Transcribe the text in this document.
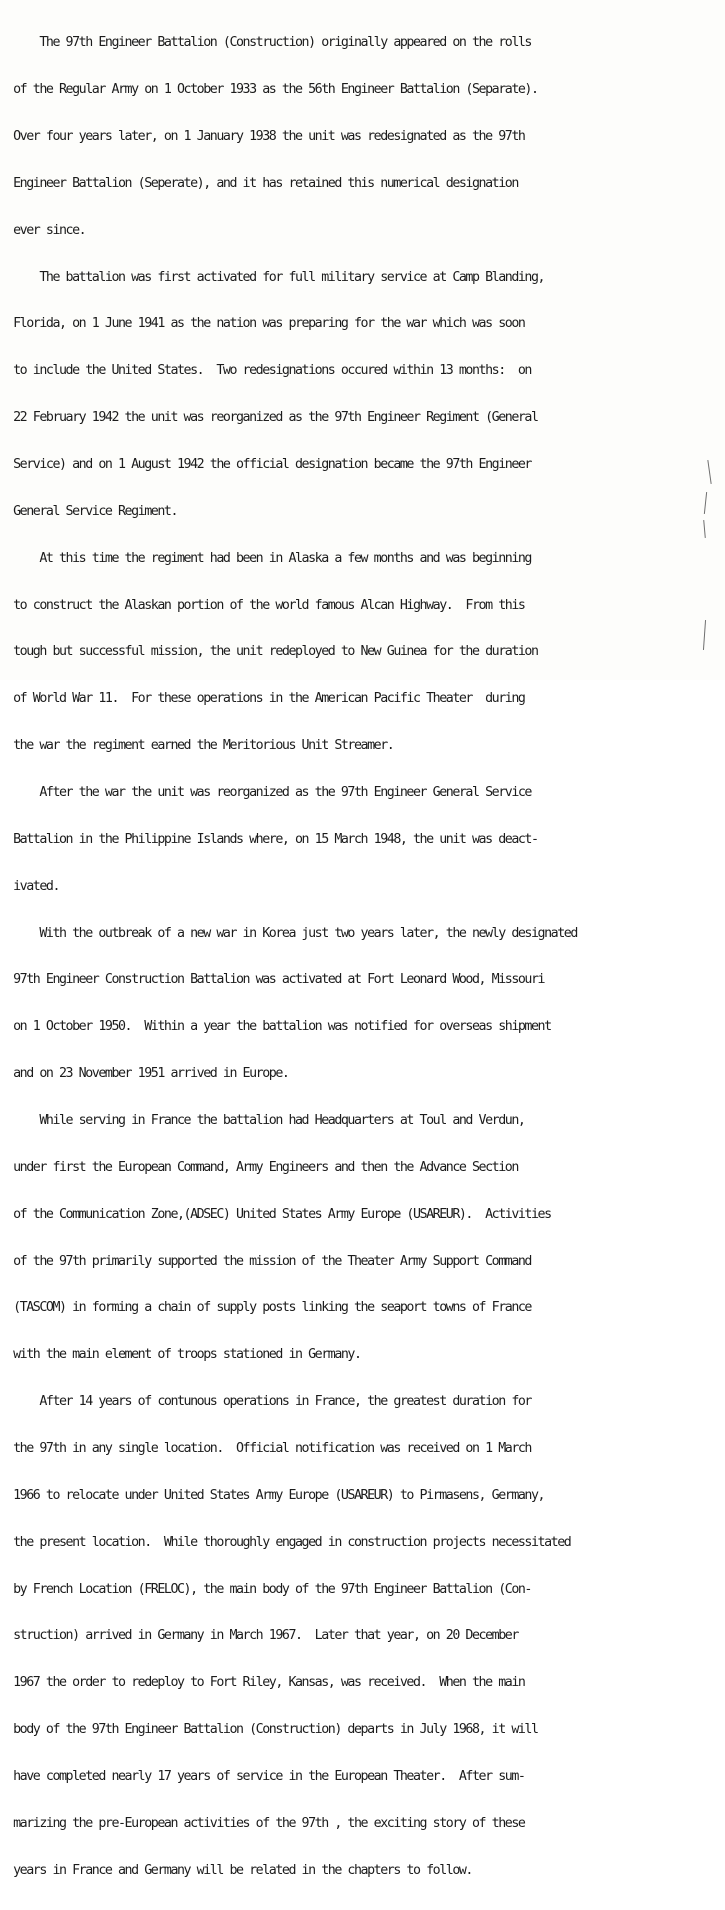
The 97th Engineer Battalion (Construction) originally appeared on the rolls

of the Regular Army on 1 October 1933 as the 56th Engineer Battalion (Separate).

Over four years later, on 1 January 1938 the unit was redesignated as the 97th

Engineer Battalion (Seperate), and it has retained this numerical designation

ever since.

The battalion was first activated for full military service at Camp Blanding,

Florida, on 1 June 1941 as the nation was preparing for the war which was soon

to include the United States.  Two redesignations occured within 13 months:  on

22 February 1942 the unit was reorganized as the 97th Engineer Regiment (General

Service) and on 1 August 1942 the official designation became the 97th Engineer

General Service Regiment.

At this time the regiment had been in Alaska a few months and was beginning

to construct the Alaskan portion of the world famous Alcan Highway.  From this

tough but successful mission, the unit redeployed to New Guinea for the duration

of World War 11.  For these operations in the American Pacific Theater  during

the war the regiment earned the Meritorious Unit Streamer.

After the war the unit was reorganized as the 97th Engineer General Service

Battalion in the Philippine Islands where, on 15 March 1948, the unit was deact-

ivated.

With the outbreak of a new war in Korea just two years later, the newly designated

97th Engineer Construction Battalion was activated at Fort Leonard Wood, Missouri

on 1 October 1950.  Within a year the battalion was notified for overseas shipment

and on 23 November 1951 arrived in Europe.

While serving in France the battalion had Headquarters at Toul and Verdun,

under first the European Command, Army Engineers and then the Advance Section

of the Communication Zone,(ADSEC) United States Army Europe (USAREUR).  Activities

of the 97th primarily supported the mission of the Theater Army Support Command

(TASCOM) in forming a chain of supply posts linking the seaport towns of France

with the main element of troops stationed in Germany.

After 14 years of contunous operations in France, the greatest duration for

the 97th in any single location.  Official notification was received on 1 March

1966 to relocate under United States Army Europe (USAREUR) to Pirmasens, Germany,

the present location.  While thoroughly engaged in construction projects necessitated

by French Location (FRELOC), the main body of the 97th Engineer Battalion (Con-

struction) arrived in Germany in March 1967.  Later that year, on 20 December

1967 the order to redeploy to Fort Riley, Kansas, was received.  When the main

body of the 97th Engineer Battalion (Construction) departs in July 1968, it will

have completed nearly 17 years of service in the European Theater.  After sum-

marizing the pre-European activities of the 97th , the exciting story of these

years in France and Germany will be related in the chapters to follow.
